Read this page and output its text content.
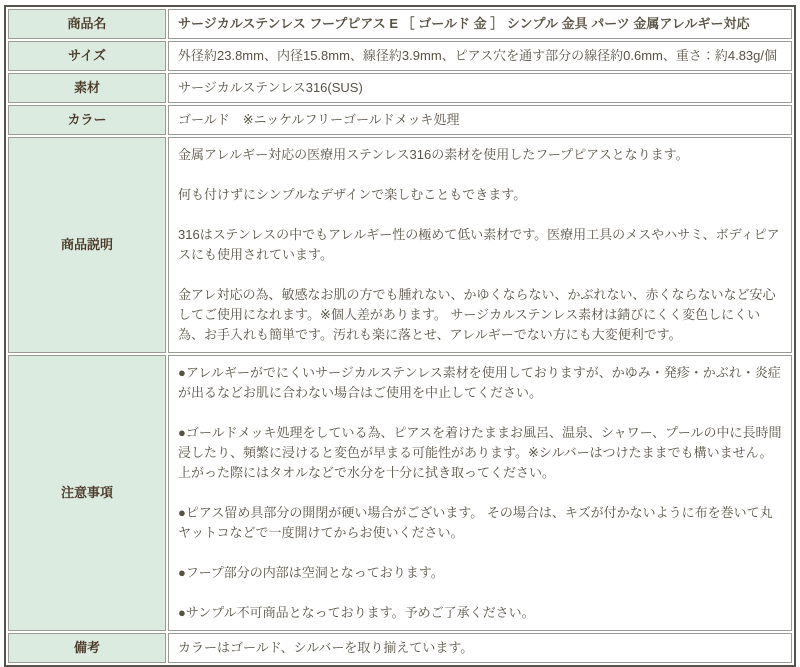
商品名	サージカルステンレス フープピアス E ［ ゴールド 金 ］ シンプル 金具 パーツ 金属アレルギー対応

サイズ	外径約23.8mm、内径15.8mm、線径約3.9mm、ピアス穴を通す部分の線径約0.6mm、重さ：約4.83g/個

素材	サージカルステンレス316(SUS)

カラー	ゴールド　※ニッケルフリーゴールドメッキ処理

商品説明	金属アレルギー対応の医療用ステンレス316の素材を使用したフープピアスとなります。

何も付けずにシンプルなデザインで楽しむこともできます。

316はステンレスの中でもアレルギー性の極めて低い素材です。医療用工具のメスやハサミ、ボディピアスにも使用されています。

金アレ対応の為、敏感なお肌の方でも腫れない、かゆくならない、かぶれない、赤くならないなど安心してご使用になれます。※個人差があります。 サージカルステンレス素材は錆びにくく変色しにくい為、お手入れも簡単です。汚れも楽に落とせ、アレルギーでない方にも大変便利です。

注意事項	●アレルギーがでにくいサージカルステンレス素材を使用しておりますが、かゆみ・発疹・かぶれ・炎症が出るなどお肌に合わない場合はご使用を中止してください。

●ゴールドメッキ処理をしている為、ピアスを着けたままお風呂、温泉、シャワー、プールの中に長時間浸したり、頻繁に浸けると変色が早まる可能性があります。※シルバーはつけたままでも構いません。上がった際にはタオルなどで水分を十分に拭き取ってください。

●ピアス留め具部分の開閉が硬い場合がございます。 その場合は、キズが付かないように布を巻いて丸ヤットコなどで一度開けてからお使いください。

●フープ部分の内部は空洞となっております。

●サンプル不可商品となっております。予めご了承ください。

備考	カラーはゴールド、シルバーを取り揃えています。
